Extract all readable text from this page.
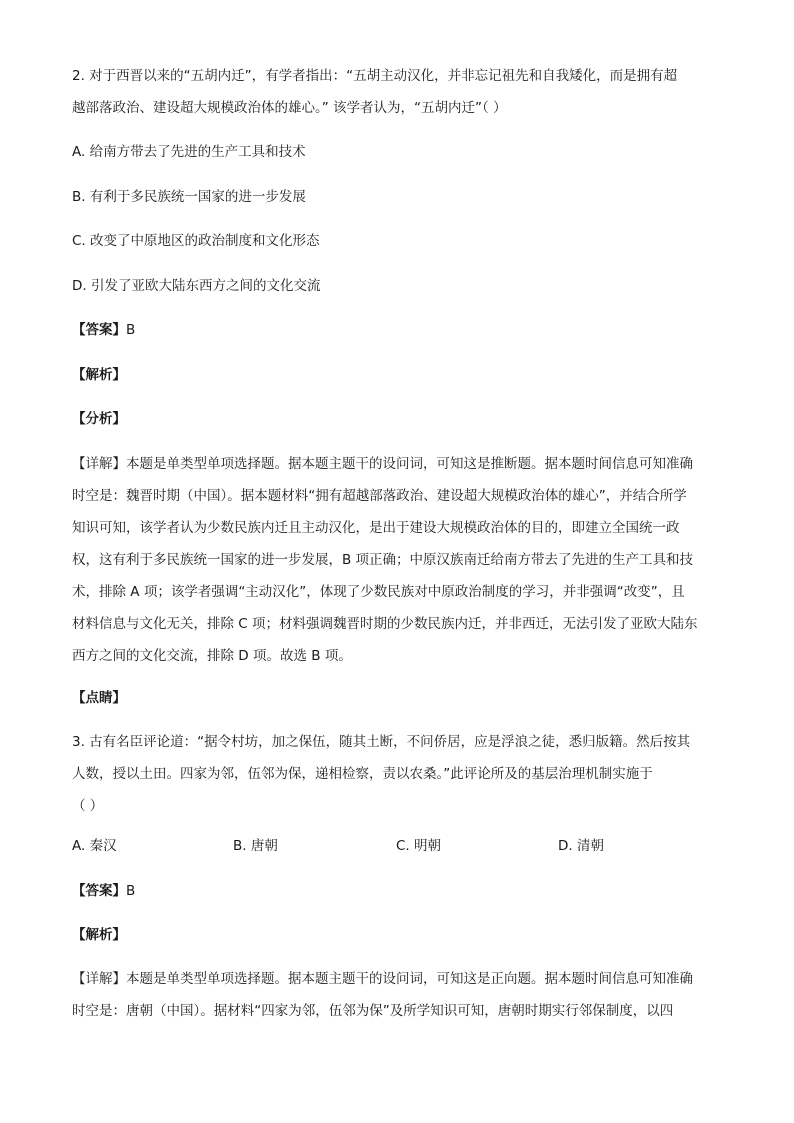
2. 对于西晋以来的“五胡内迁”，有学者指出：“五胡主动汉化，并非忘记祖先和自我矮化，而是拥有超
越部落政治、建设超大规模政治体的雄心。” 该学者认为，“五胡内迁”（ ）
A. 给南方带去了先进的生产工具和技术
B. 有利于多民族统一国家的进一步发展
C. 改变了中原地区的政治制度和文化形态
D. 引发了亚欧大陆东西方之间的文化交流
【答案】B
【解析】
【分析】
【详解】本题是单类型单项选择题。据本题主题干的设问词，可知这是推断题。据本题时间信息可知准确
时空是：魏晋时期（中国）。据本题材料“拥有超越部落政治、建设超大规模政治体的雄心”，并结合所学
知识可知，该学者认为少数民族内迁且主动汉化，是出于建设大规模政治体的目的，即建立全国统一政
权，这有利于多民族统一国家的进一步发展，B 项正确；中原汉族南迁给南方带去了先进的生产工具和技
术，排除 A 项；该学者强调“主动汉化”，体现了少数民族对中原政治制度的学习，并非强调“改变”，且
材料信息与文化无关，排除 C 项；材料强调魏晋时期的少数民族内迁，并非西迁，无法引发了亚欧大陆东
西方之间的文化交流，排除 D 项。故选 B 项。
【点睛】
3. 古有名臣评论道：“据令村坊，加之保伍，随其土断，不问侨居，应是浮浪之徒，悉归版籍。然后按其
人数，授以土田。四家为邻，伍邻为保，递相检察，责以农桑。”此评论所及的基层治理机制实施于
（ ）
A. 秦汉	B. 唐朝	C. 明朝	D. 清朝
【答案】B
【解析】
【详解】本题是单类型单项选择题。据本题主题干的设问词，可知这是正向题。据本题时间信息可知准确
时空是：唐朝（中国）。据材料“四家为邻，伍邻为保”及所学知识可知，唐朝时期实行邻保制度，以四
